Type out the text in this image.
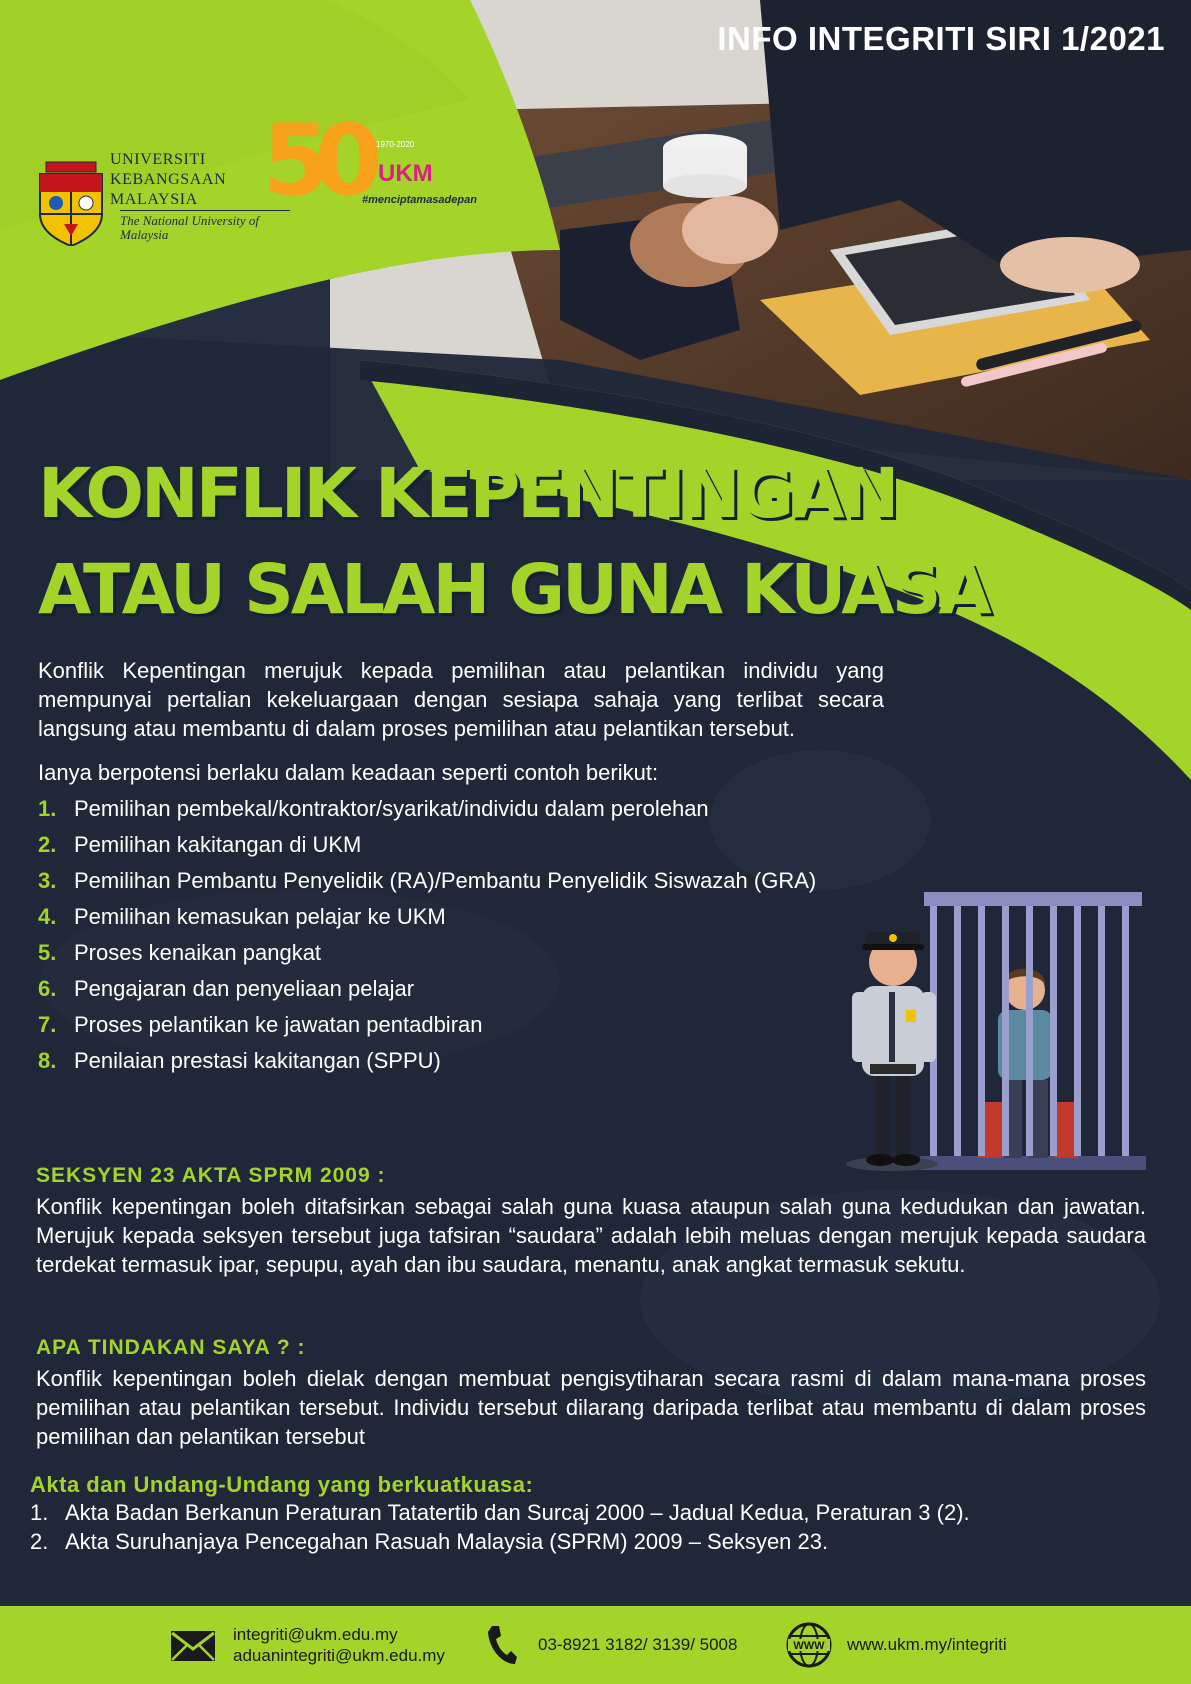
INFO INTEGRITI SIRI 1/2021
UNIVERSITI
KEBANGSAAN
MALAYSIA
The National University of Malaysia
50 1970-2020
UKM
#menciptamasadepan
KONFLIK KEPENTINGAN
ATAU SALAH GUNA KUASA
Konflik Kepentingan merujuk kepada pemilihan atau pelantikan individu yang mempunyai pertalian kekeluargaan dengan sesiapa sahaja yang terlibat secara langsung atau membantu di dalam proses pemilihan atau pelantikan tersebut.
Ianya berpotensi berlaku dalam keadaan seperti contoh berikut:
1. Pemilihan pembekal/kontraktor/syarikat/individu dalam perolehan
2. Pemilihan kakitangan di UKM
3. Pemilihan Pembantu Penyelidik (RA)/Pembantu Penyelidik Siswazah (GRA)
4. Pemilihan kemasukan pelajar ke UKM
5. Proses kenaikan pangkat
6. Pengajaran dan penyeliaan pelajar
7. Proses pelantikan ke jawatan pentadbiran
8. Penilaian prestasi kakitangan (SPPU)
SEKSYEN 23 AKTA SPRM 2009 :
Konflik kepentingan boleh ditafsirkan sebagai salah guna kuasa ataupun salah guna kedudukan dan jawatan. Merujuk kepada seksyen tersebut juga tafsiran “saudara” adalah lebih meluas dengan merujuk kepada saudara terdekat termasuk ipar, sepupu, ayah dan ibu saudara, menantu, anak angkat termasuk sekutu.
APA TINDAKAN SAYA ? :
Konflik kepentingan boleh dielak dengan membuat pengisytiharan secara rasmi di dalam mana-mana proses pemilihan atau pelantikan tersebut. Individu tersebut dilarang daripada terlibat atau membantu di dalam proses pemilihan dan pelantikan tersebut
Akta dan Undang-Undang yang berkuatkuasa:
1. Akta Badan Berkanun Peraturan Tatatertib dan Surcaj 2000 – Jadual Kedua, Peraturan 3 (2).
2. Akta Suruhanjaya Pencegahan Rasuah Malaysia (SPRM) 2009 – Seksyen 23.
integriti@ukm.edu.my
aduanintegriti@ukm.edu.my
03-8921 3182/ 3139/ 5008	WWW www.ukm.my/integriti
